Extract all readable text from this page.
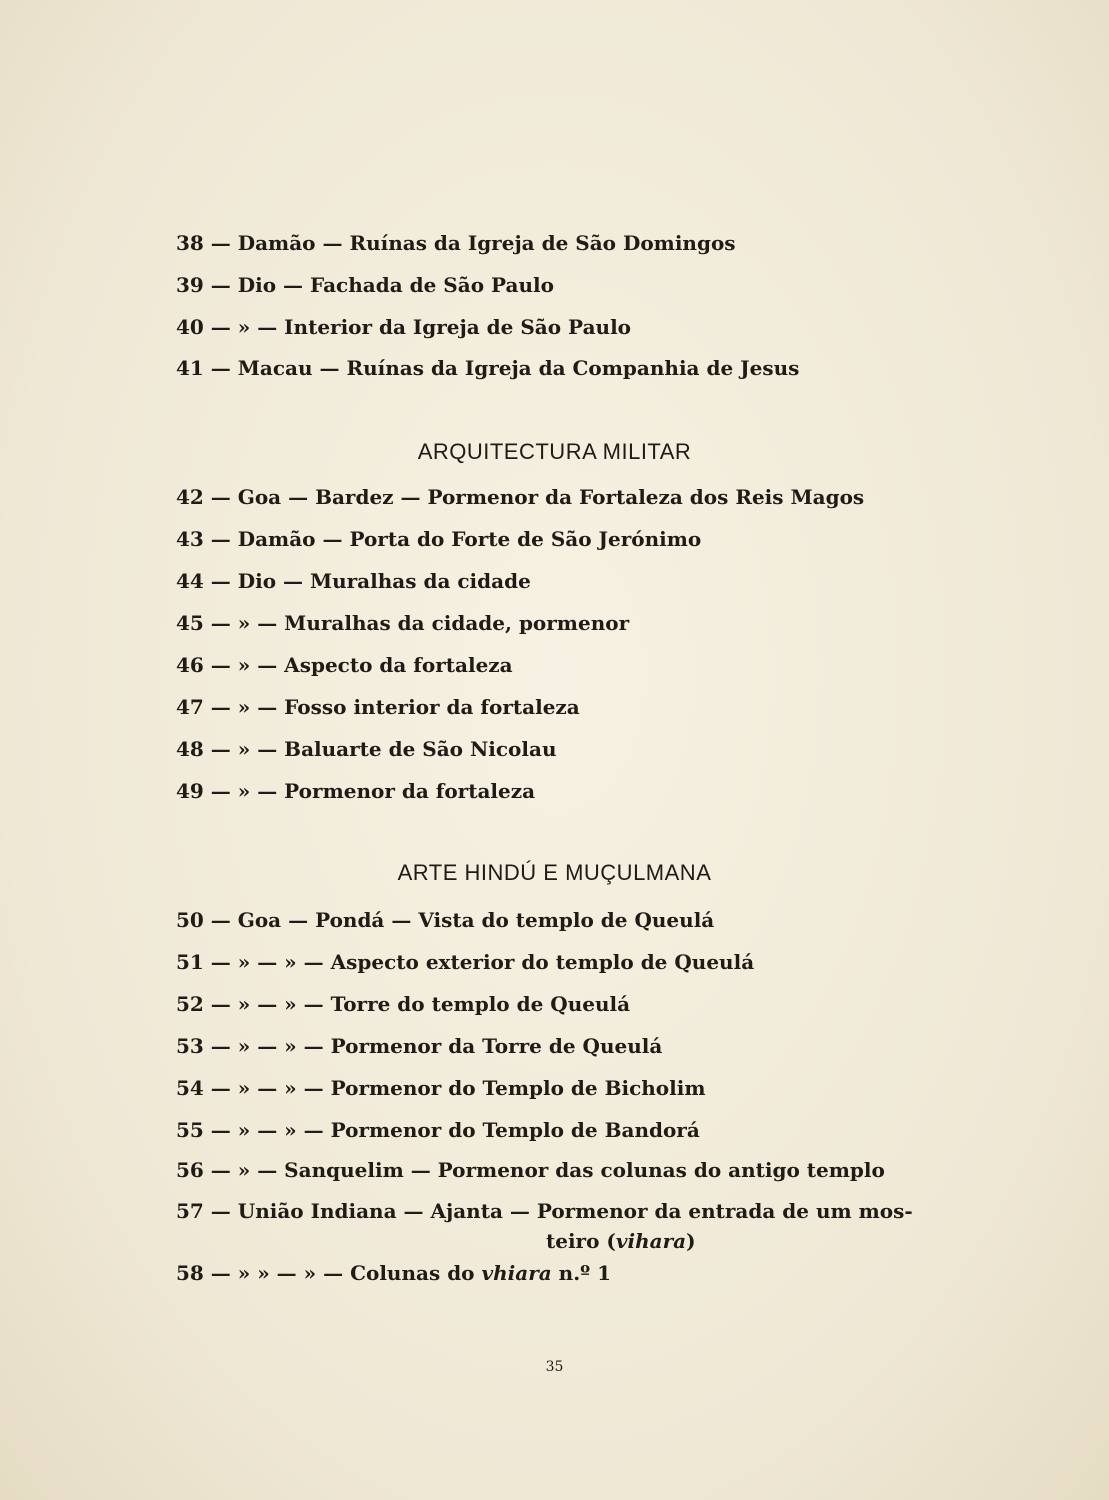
38 — Damão — Ruínas da Igreja de São Domingos
39 — Dio — Fachada de São Paulo
40 — » — Interior da Igreja de São Paulo
41 — Macau — Ruínas da Igreja da Companhia de Jesus
ARQUITECTURA MILITAR
42 — Goa — Bardez — Pormenor da Fortaleza dos Reis Magos
43 — Damão — Porta do Forte de São Jerónimo
44 — Dio — Muralhas da cidade
45 — » — Muralhas da cidade, pormenor
46 — » — Aspecto da fortaleza
47 — » — Fosso interior da fortaleza
48 — » — Baluarte de São Nicolau
49 — » — Pormenor da fortaleza
ARTE HINDÚ E MUÇULMANA
50 — Goa — Pondá — Vista do templo de Queulá
51 — » — » — Aspecto exterior do templo de Queulá
52 — » — » — Torre do templo de Queulá
53 — » — » — Pormenor da Torre de Queulá
54 — » — » — Pormenor do Templo de Bicholim
55 — » — » — Pormenor do Templo de Bandorá
56 — » — Sanquelim — Pormenor das colunas do antigo templo
57 — União Indiana — Ajanta — Pormenor da entrada de um mos-
teiro (vihara)
58 — » » — » — Colunas do vhiara n.º 1
35
